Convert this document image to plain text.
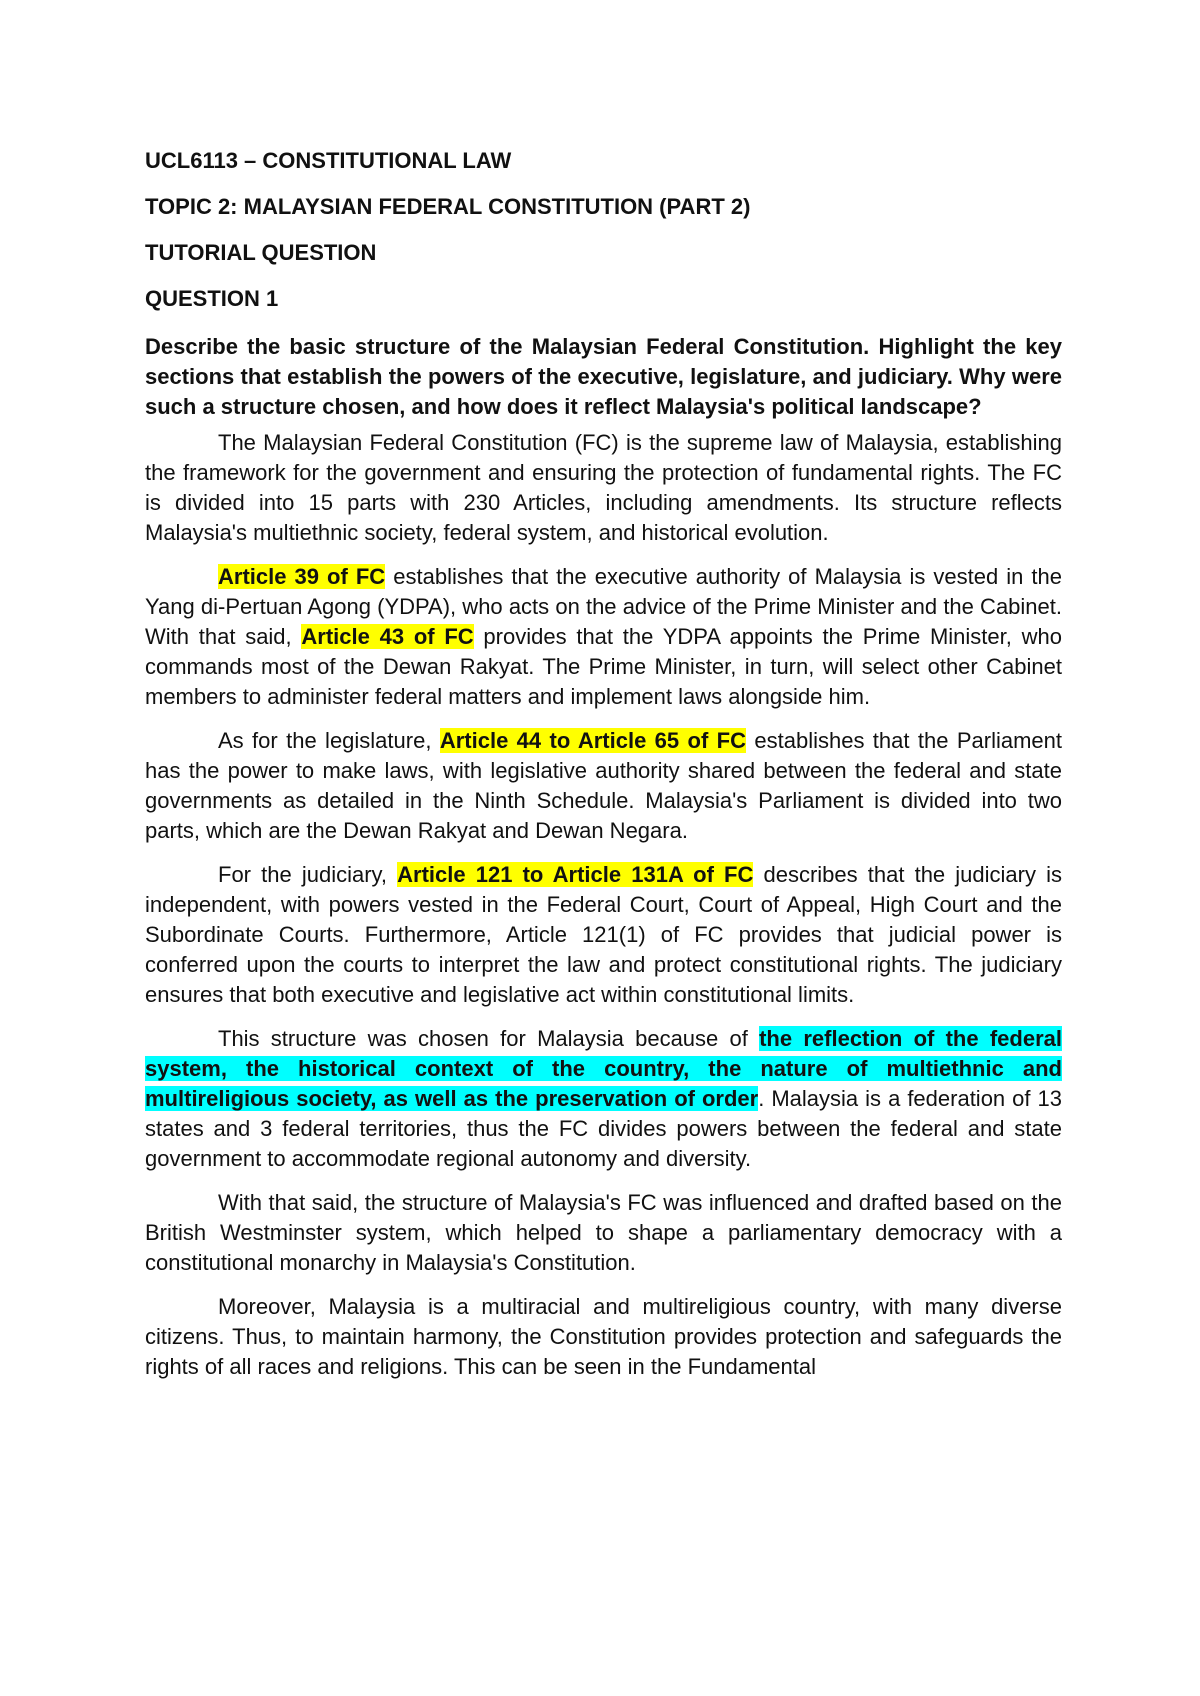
UCL6113 – CONSTITUTIONAL LAW

TOPIC 2: MALAYSIAN FEDERAL CONSTITUTION (PART 2)

TUTORIAL QUESTION

QUESTION 1

Describe the basic structure of the Malaysian Federal Constitution. Highlight the key sections that establish the powers of the executive, legislature, and judiciary. Why were such a structure chosen, and how does it reflect Malaysia's political landscape?

The Malaysian Federal Constitution (FC) is the supreme law of Malaysia, establishing the framework for the government and ensuring the protection of fundamental rights. The FC is divided into 15 parts with 230 Articles, including amendments. Its structure reflects Malaysia's multiethnic society, federal system, and historical evolution.

Article 39 of FC establishes that the executive authority of Malaysia is vested in the Yang di-Pertuan Agong (YDPA), who acts on the advice of the Prime Minister and the Cabinet. With that said, Article 43 of FC provides that the YDPA appoints the Prime Minister, who commands most of the Dewan Rakyat. The Prime Minister, in turn, will select other Cabinet members to administer federal matters and implement laws alongside him.

As for the legislature, Article 44 to Article 65 of FC establishes that the Parliament has the power to make laws, with legislative authority shared between the federal and state governments as detailed in the Ninth Schedule. Malaysia's Parliament is divided into two parts, which are the Dewan Rakyat and Dewan Negara.

For the judiciary, Article 121 to Article 131A of FC describes that the judiciary is independent, with powers vested in the Federal Court, Court of Appeal, High Court and the Subordinate Courts. Furthermore, Article 121(1) of FC provides that judicial power is conferred upon the courts to interpret the law and protect constitutional rights. The judiciary ensures that both executive and legislative act within constitutional limits.

This structure was chosen for Malaysia because of the reflection of the federal system, the historical context of the country, the nature of multiethnic and multireligious society, as well as the preservation of order. Malaysia is a federation of 13 states and 3 federal territories, thus the FC divides powers between the federal and state government to accommodate regional autonomy and diversity.

With that said, the structure of Malaysia's FC was influenced and drafted based on the British Westminster system, which helped to shape a parliamentary democracy with a constitutional monarchy in Malaysia's Constitution.

Moreover, Malaysia is a multiracial and multireligious country, with many diverse citizens. Thus, to maintain harmony, the Constitution provides protection and safeguards the rights of all races and religions. This can be seen in the Fundamental
